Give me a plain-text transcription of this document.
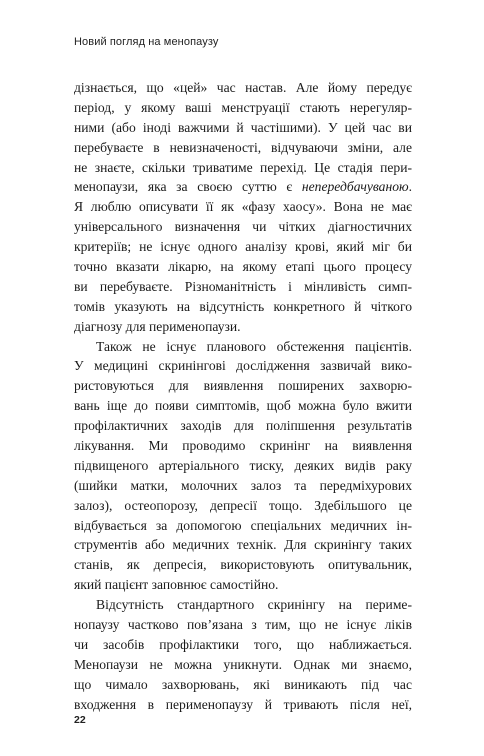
Новий погляд на менопаузу
дізнається, що «цей» час настав. Але йому передує
період, у якому ваші менструації стають нерегуляр-
ними (або іноді важчими й частішими). У цей час ви
перебуваєте в невизначеності, відчуваючи зміни, але
не знаєте, скільки триватиме перехід. Це стадія пери-
менопаузи, яка за своєю суттю є непередбачуваною.
Я люблю описувати її як «фазу хаосу». Вона не має
універсального визначення чи чітких діагностичних
критеріїв; не існує одного аналізу крові, який міг би
точно вказати лікарю, на якому етапі цього процесу
ви перебуваєте. Різноманітність і мінливість симп-
томів указують на відсутність конкретного й чіткого
діагнозу для перименопаузи.
Також не існує планового обстеження пацієнтів.
У медицині скринінгові дослідження зазвичай вико-
ристовуються для виявлення поширених захворю-
вань іще до появи симптомів, щоб можна було вжити
профілактичних заходів для поліпшення результатів
лікування. Ми проводимо скринінг на виявлення
підвищеного артеріального тиску, деяких видів раку
(шийки матки, молочних залоз та передміхурових
залоз), остеопорозу, депресії тощо. Здебільшого це
відбувається за допомогою спеціальних медичних ін-
струментів або медичних технік. Для скринінгу таких
станів, як депресія, використовують опитувальник,
який пацієнт заповнює самостійно.
Відсутність стандартного скринінгу на периме-
нопаузу частково пов’язана з тим, що не існує ліків
чи засобів профілактики того, що наближається.
Менопаузи не можна уникнути. Однак ми знаємо,
що чимало захворювань, які виникають під час
входження в перименопаузу й тривають після неї,
22
